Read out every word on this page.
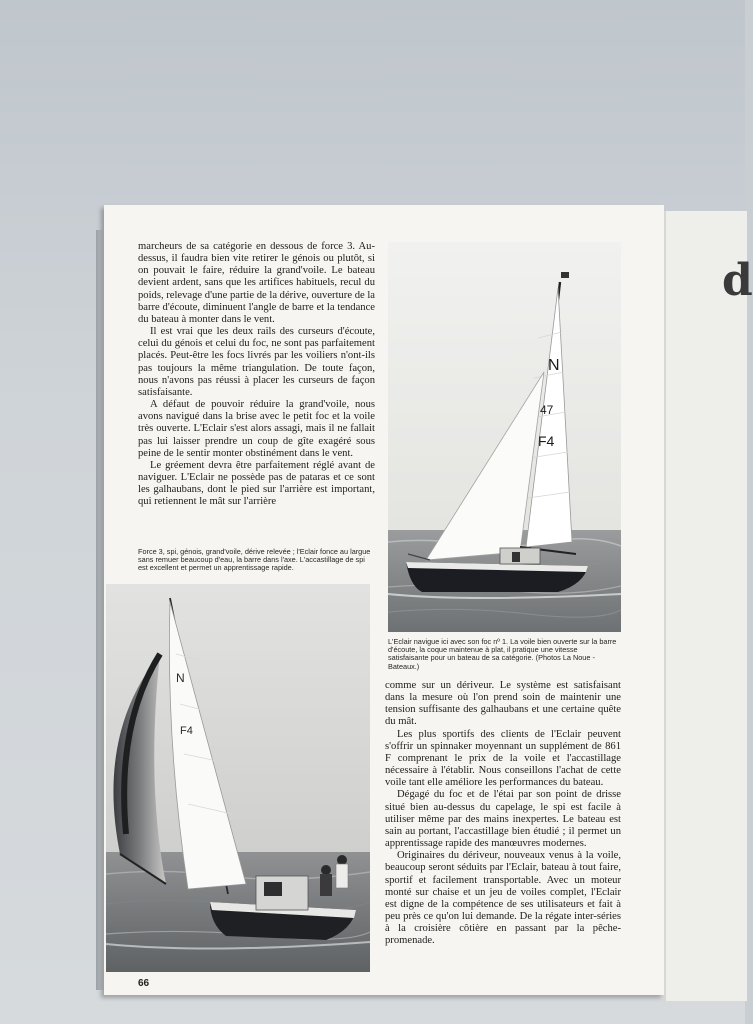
d

marcheurs de sa catégorie en dessous de force 3. Au-dessus, il faudra bien vite retirer le génois ou plutôt, si on pouvait le faire, réduire la grand'voile. Le bateau devient ardent, sans que les artifices habituels, recul du poids, relevage d'une partie de la dérive, ouverture de la barre d'écoute, diminuent l'angle de barre et la tendance du bateau à monter dans le vent.

Il est vrai que les deux rails des curseurs d'écoute, celui du génois et celui du foc, ne sont pas parfaitement placés. Peut-être les focs livrés par les voiliers n'ont-ils pas toujours la même triangulation. De toute façon, nous n'avons pas réussi à placer les curseurs de façon satisfaisante.

A défaut de pouvoir réduire la grand'voile, nous avons navigué dans la brise avec le petit foc et la voile très ouverte. L'Eclair s'est alors assagi, mais il ne fallait pas lui laisser prendre un coup de gîte exagéré sous peine de le sentir monter obstinément dans le vent.

Le gréement devra être parfaitement réglé avant de naviguer. L'Eclair ne possède pas de pataras et ce sont les galhaubans, dont le pied sur l'arrière est important, qui retiennent le mât sur l'arrière

Force 3, spi, génois, grand'voile, dérive relevée ; l'Eclair fonce au largue sans remuer beaucoup d'eau, la barre dans l'axe. L'accastillage de spi est excellent et permet un apprentissage rapide.
N
47
F4
L'Eclair navigue ici avec son foc nº 1. La voile bien ouverte sur la barre d'écoute, la coque maintenue à plat, il pratique une vitesse satisfaisante pour un bateau de sa catégorie. (Photos La Noue - Bateaux.)
N
F4

comme sur un dériveur. Le système est satisfaisant dans la mesure où l'on prend soin de maintenir une tension suffisante des galhaubans et une certaine quête du mât.

Les plus sportifs des clients de l'Eclair peuvent s'offrir un spinnaker moyennant un supplément de 861 F comprenant le prix de la voile et l'accastillage nécessaire à l'établir. Nous conseillons l'achat de cette voile tant elle améliore les performances du bateau.

Dégagé du foc et de l'étai par son point de drisse situé bien au-dessus du capelage, le spi est facile à utiliser même par des mains inexpertes. Le bateau est sain au portant, l'accastillage bien étudié ; il permet un apprentissage rapide des manœuvres modernes.

Originaires du dériveur, nouveaux venus à la voile, beaucoup seront séduits par l'Eclair, bateau à tout faire, sportif et facilement transportable. Avec un moteur monté sur chaise et un jeu de voiles complet, l'Eclair est digne de la compétence de ses utilisateurs et fait à peu près ce qu'on lui demande. De la régate inter-séries à la croisière côtière en passant par la pêche-promenade.

66
